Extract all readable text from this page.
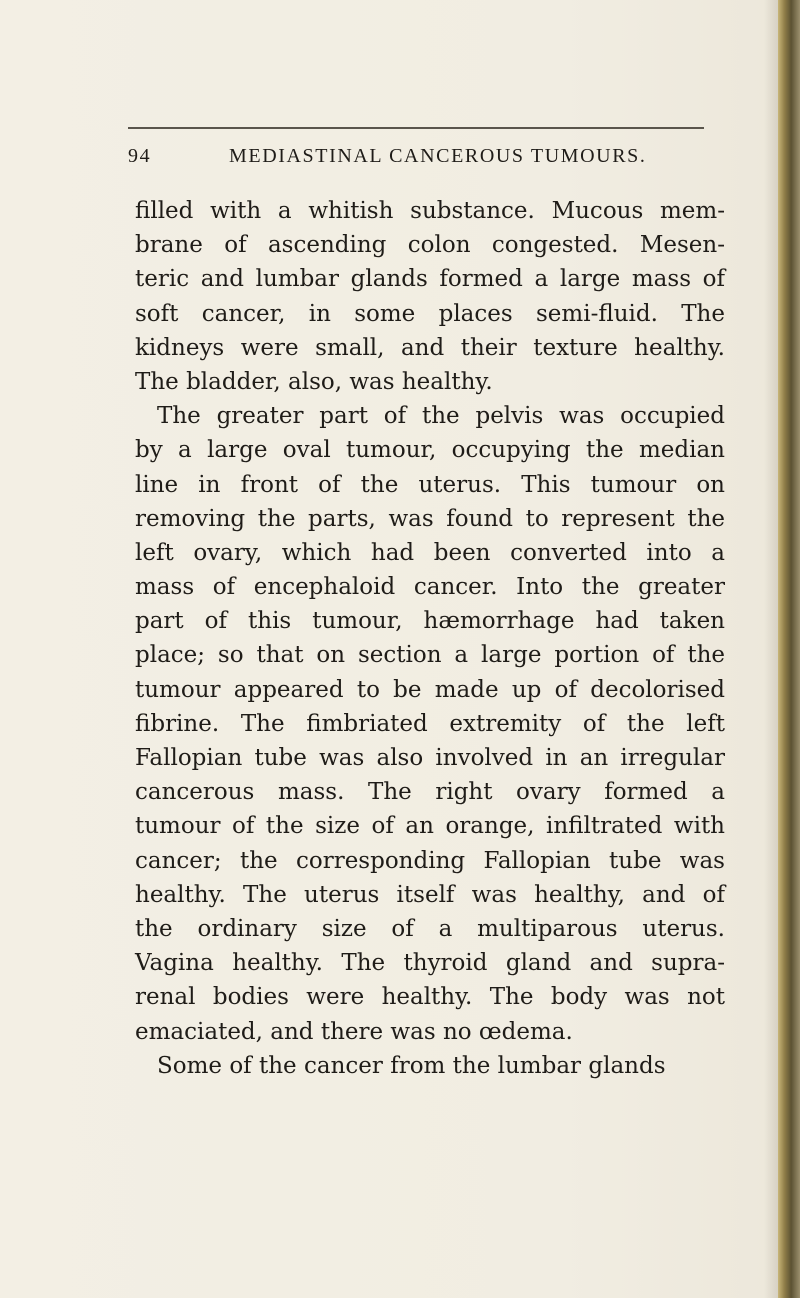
94	MEDIASTINAL CANCEROUS TUMOURS.
filled with a whitish substance. Mucous mem-
brane of ascending colon congested. Mesen-
teric and lumbar glands formed a large mass of
soft cancer, in some places semi-fluid. The
kidneys were small, and their texture healthy.
The bladder, also, was healthy.
The greater part of the pelvis was occupied
by a large oval tumour, occupying the median
line in front of the uterus. This tumour on
removing the parts, was found to represent the
left ovary, which had been converted into a
mass of encephaloid cancer. Into the greater
part of this tumour, hæmorrhage had taken
place; so that on section a large portion of the
tumour appeared to be made up of decolorised
fibrine. The fimbriated extremity of the left
Fallopian tube was also involved in an irregular
cancerous mass. The right ovary formed a
tumour of the size of an orange, infiltrated with
cancer; the corresponding Fallopian tube was
healthy. The uterus itself was healthy, and of
the ordinary size of a multiparous uterus.
Vagina healthy. The thyroid gland and supra-
renal bodies were healthy. The body was not
emaciated, and there was no œdema.
Some of the cancer from the lumbar glands
